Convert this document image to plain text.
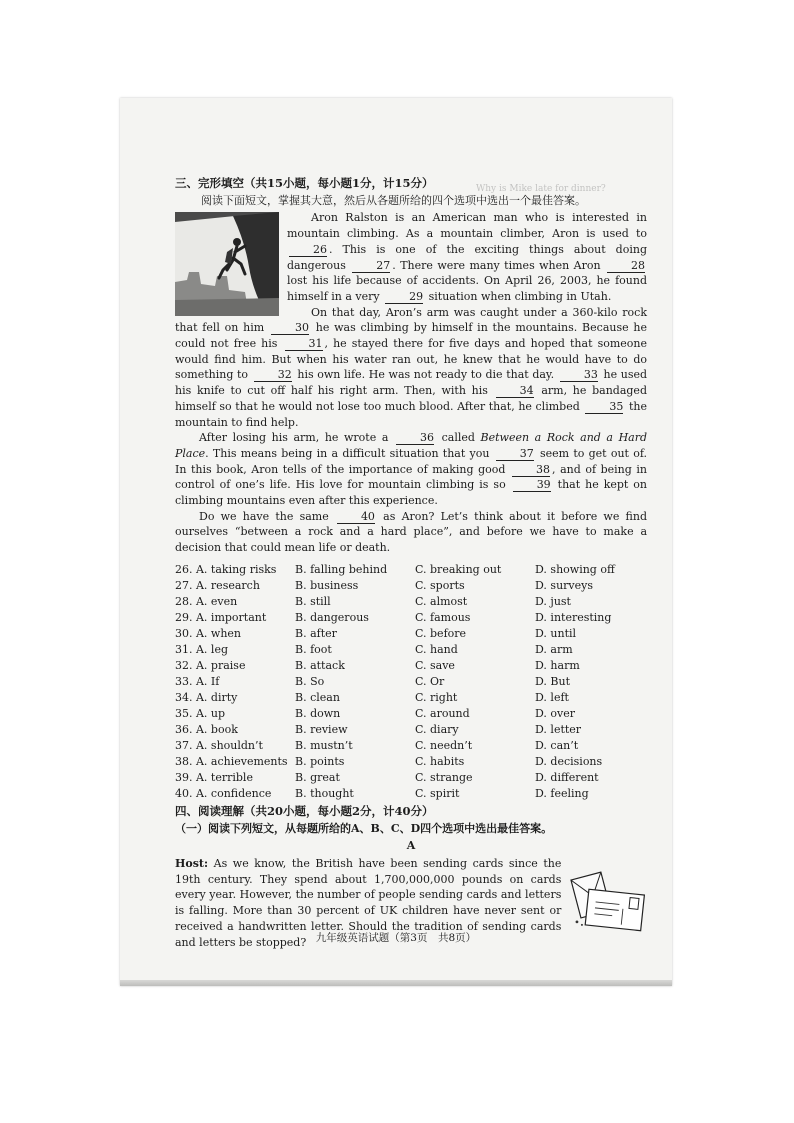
Why is Mike late for dinner?
三、完形填空（共15小题，每小题1分，计15分）
阅读下面短文，掌握其大意，然后从各题所给的四个选项中选出一个最佳答案。

Aron Ralston is an American man who is interested in mountain climbing. As a mountain climber, Aron is used to 26 . This is one of the exciting things about doing dangerous	27 . There were many times when Aron	28 lost his life because of accidents. On April 26, 2003, he found himself in a very	29 situation when climbing in Utah.

On that day, Aron’s arm was caught under a 360-kilo rock that fell on him	30 he was climbing by himself in the mountains. Because he could not free his	31 , he stayed there for five days and hoped that someone would find him. But when his water ran out, he knew that he would have to do something to	32 his own life. He was not ready to die that day.	33 he used his knife to cut off half his right arm. Then, with his	34 arm, he bandaged himself so that he would not lose too much blood. After that, he climbed	35 the mountain to find help.

After losing his arm, he wrote a	36 called Between a Rock and a Hard Place. This means being in a difficult situation that you	37 seem to get out of. In this book, Aron tells of the importance of making good	38 , and of being in control of one’s life. His love for mountain climbing is so	39 that he kept on climbing mountains even after this experience.

Do we have the same	40 as Aron? Let’s think about it before we find ourselves “between a rock and a hard place”, and before we have to make a decision that could mean life or death.

26. A. taking risks	B. falling behind	C. breaking out	D. showing off
27. A. research	B. business	C. sports	D. surveys
28. A. even	B. still	C. almost	D. just
29. A. important	B. dangerous	C. famous	D. interesting
30. A. when	B. after	C. before	D. until
31. A. leg	B. foot	C. hand	D. arm
32. A. praise	B. attack	C. save	D. harm
33. A. If	B. So	C. Or	D. But
34. A. dirty	B. clean	C. right	D. left
35. A. up	B. down	C. around	D. over
36. A. book	B. review	C. diary	D. letter
37. A. shouldn’t	B. mustn’t	C. needn’t	D. can’t
38. A. achievements	B. points	C. habits	D. decisions
39. A. terrible	B. great	C. strange	D. different
40. A. confidence	B. thought	C. spirit	D. feeling
四、阅读理解（共20小题，每小题2分，计40分）
（一）阅读下列短文，从每题所给的A、B、C、D四个选项中选出最佳答案。
A
Host: As we know, the British have been sending cards since the 19th century. They spend about 1,700,000,000 pounds on cards every year. However, the number of people sending cards and letters is falling. More than 30 percent of UK children have never sent or received a handwritten letter. Should the tradition of sending cards and letters be stopped? 九年级英语试题（第3页　共8页）
